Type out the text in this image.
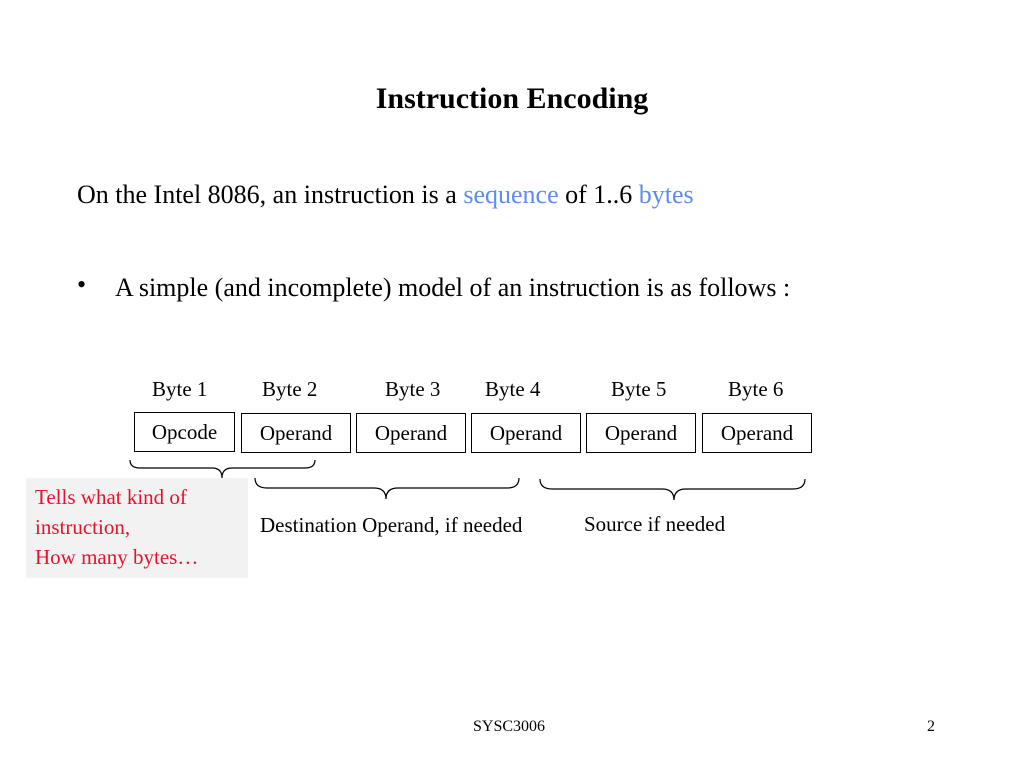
Instruction Encoding
On the Intel 8086, an instruction is a sequence of 1..6 bytes
• A simple (and incomplete) model of an instruction is as follows :
Byte 1	Byte 2	Byte 3 Byte 4	Byte 5	Byte 6
Opcode	Operand	Operand	Operand	Operand	Operand
Tells what kind of
instruction,
How many bytes…
Destination Operand, if needed	Source if needed
SYSC3006	2
